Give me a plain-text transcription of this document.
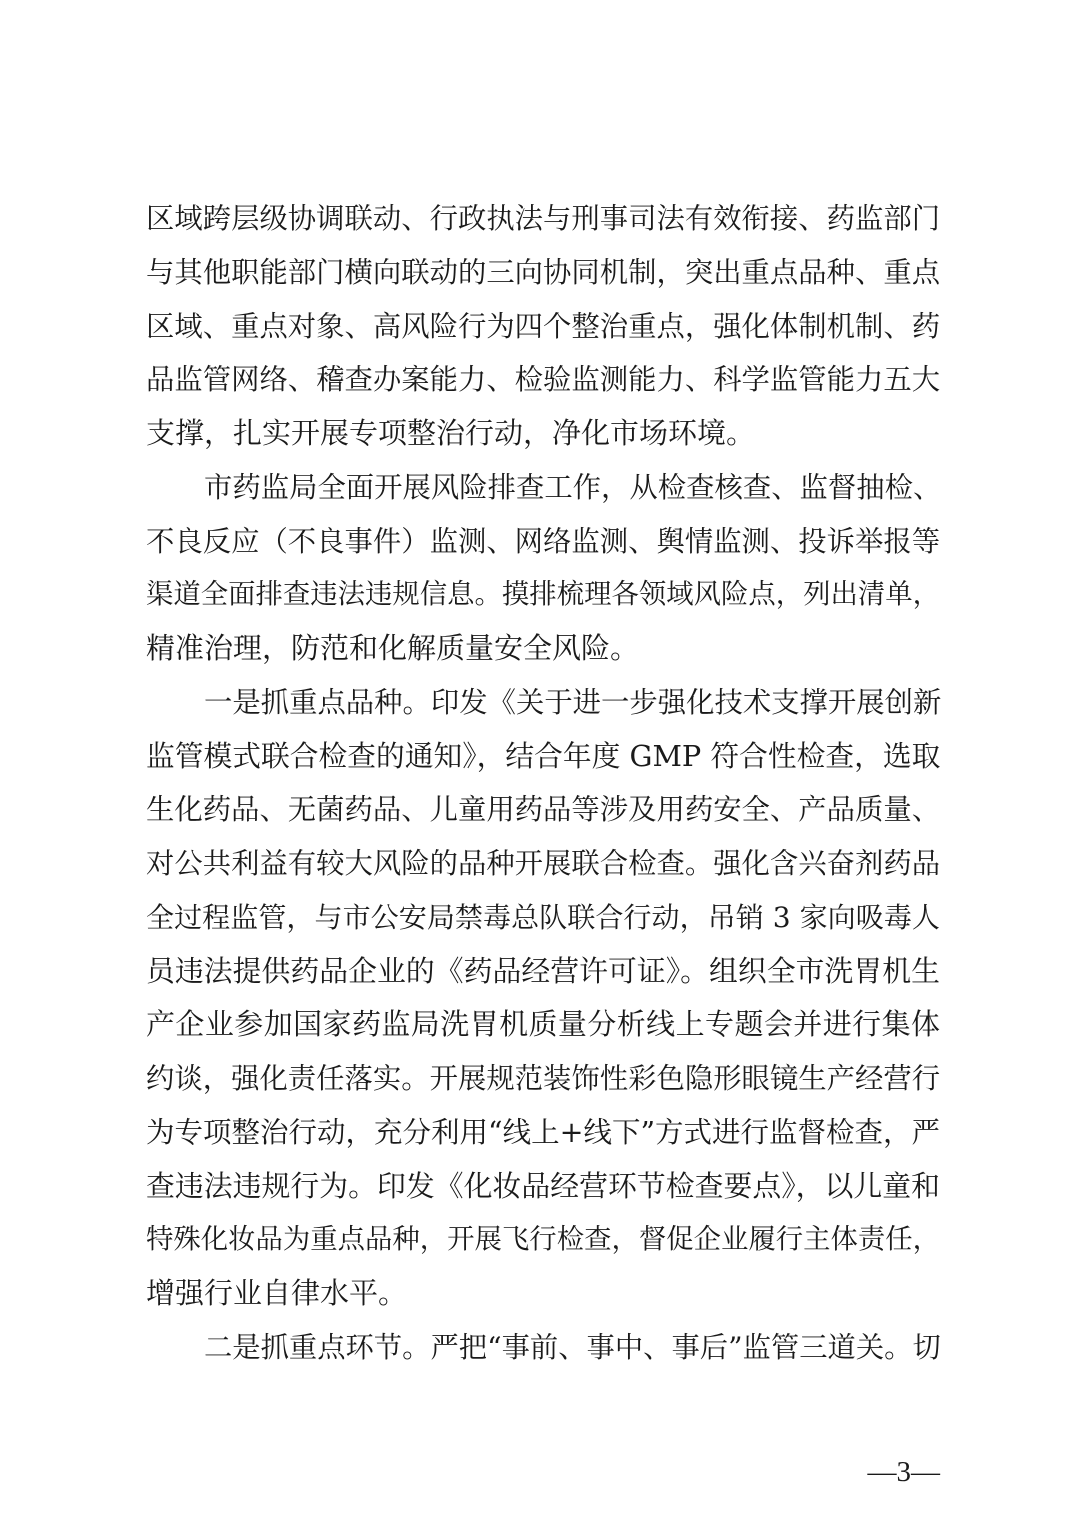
区域跨层级协调联动、行政执法与刑事司法有效衔接、药监部门
与其他职能部门横向联动的三向协同机制，突出重点品种、重点
区域、重点对象、高风险行为四个整治重点，强化体制机制、药
品监管网络、稽查办案能力、检验监测能力、科学监管能力五大
支撑，扎实开展专项整治行动，净化市场环境。
市药监局全面开展风险排查工作，从检查核查、监督抽检、
不良反应（不良事件）监测、网络监测、舆情监测、投诉举报等
渠道全面排查违法违规信息。摸排梳理各领域风险点，列出清单，
精准治理，防范和化解质量安全风险。
一是抓重点品种。印发《关于进一步强化技术支撑开展创新
监管模式联合检查的通知》，结合年度 GMP 符合性检查，选取
生化药品、无菌药品、儿童用药品等涉及用药安全、产品质量、
对公共利益有较大风险的品种开展联合检查。强化含兴奋剂药品
全过程监管，与市公安局禁毒总队联合行动，吊销 3 家向吸毒人
员违法提供药品企业的《药品经营许可证》。组织全市洗胃机生
产企业参加国家药监局洗胃机质量分析线上专题会并进行集体
约谈，强化责任落实。开展规范装饰性彩色隐形眼镜生产经营行
为专项整治行动，充分利用“线上+线下”方式进行监督检查，严
查违法违规行为。印发《化妆品经营环节检查要点》，以儿童和
特殊化妆品为重点品种，开展飞行检查，督促企业履行主体责任，
增强行业自律水平。
二是抓重点环节。严把“事前、事中、事后”监管三道关。切
—3—
